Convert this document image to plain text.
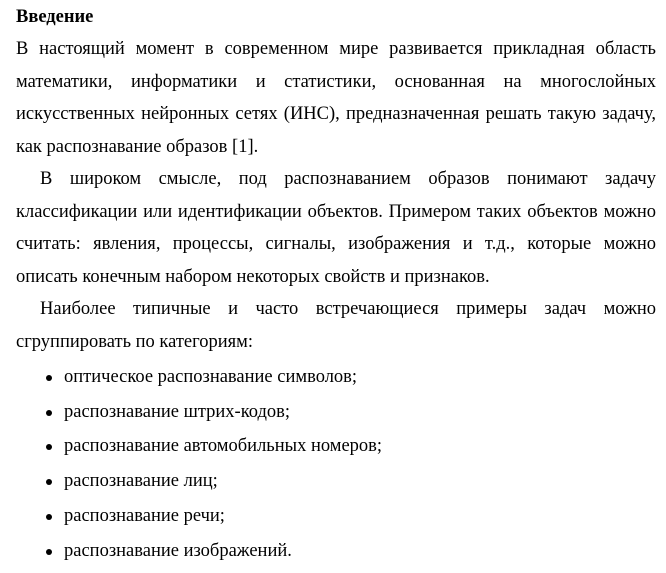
Введение

В настоящий момент в современном мире развивается прикладная область математики, информатики и статистики, основанная на многослойных искусственных нейронных сетях (ИНС), предназначенная решать такую задачу, как распознавание образов [1].

В широком смысле, под распознаванием образов понимают задачу классификации или идентификации объектов. Примером таких объектов можно считать: явления, процессы, сигналы, изображения и т.д., которые можно описать конечным набором некоторых свойств и признаков.

Наиболее типичные и часто встречающиеся примеры задач можно сгруппировать по категориям:

оптическое распознавание символов;
распознавание штрих-кодов;
распознавание автомобильных номеров;
распознавание лиц;
распознавание речи;
распознавание изображений.
